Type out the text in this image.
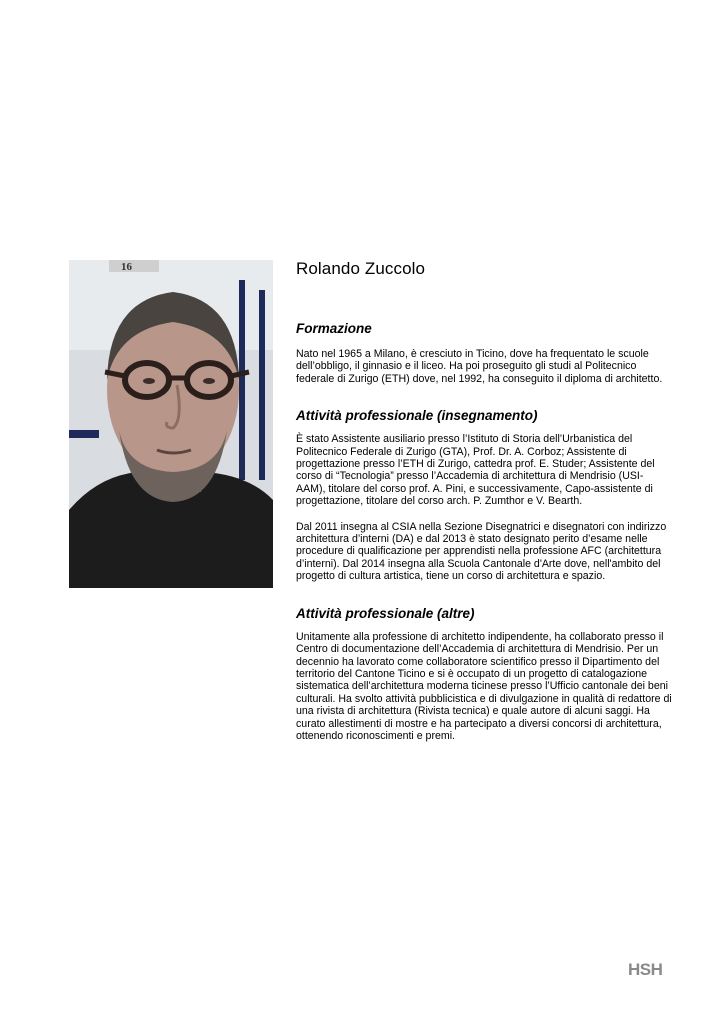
16	Rolando Zuccolo
Formazione

Nato nel 1965 a Milano, è cresciuto in Ticino, dove ha frequentato le scuole dell’obbligo, il ginnasio e il liceo. Ha poi proseguito gli studi al Politecnico federale di Zurigo (ETH) dove, nel 1992, ha conseguito il diploma di architetto.

Attività professionale (insegnamento)

È stato Assistente ausiliario presso l’Istituto di Storia dell’Urbanistica del Politecnico Federale di Zurigo (GTA), Prof. Dr. A. Corboz; Assistente di progettazione presso l’ETH di Zurigo, cattedra prof. E. Studer; Assistente del corso di “Tecnologia” presso l’Accademia di architettura di Mendrisio (USI-AAM), titolare del corso prof. A. Pini, e successivamente, Capo-assistente di progettazione, titolare del corso arch. P. Zumthor e V. Bearth.

Dal 2011 insegna al CSIA nella Sezione Disegnatrici e disegnatori con indirizzo architettura d’interni (DA) e dal 2013 è stato designato perito d’esame nelle procedure di qualificazione per apprendisti nella professione AFC (architettura d’interni). Dal 2014 insegna alla Scuola Cantonale d'Arte dove, nell'ambito del progetto di cultura artistica, tiene un corso di architettura e spazio.

Attività professionale (altre)

Unitamente alla professione di architetto indipendente, ha collaborato presso il Centro di documentazione dell’Accademia di architettura di Mendrisio. Per un decennio ha lavorato come collaboratore scientifico presso il Dipartimento del territorio del Cantone Ticino e si è occupato di un progetto di catalogazione sistematica dell’architettura moderna ticinese presso l’Ufficio cantonale dei beni culturali. Ha svolto attività pubblicistica e di divulgazione in qualità di redattore di una rivista di architettura (Rivista tecnica) e quale autore di alcuni saggi. Ha curato allestimenti di mostre e ha partecipato a diversi concorsi di architettura, ottenendo riconoscimenti e premi.

HSH
